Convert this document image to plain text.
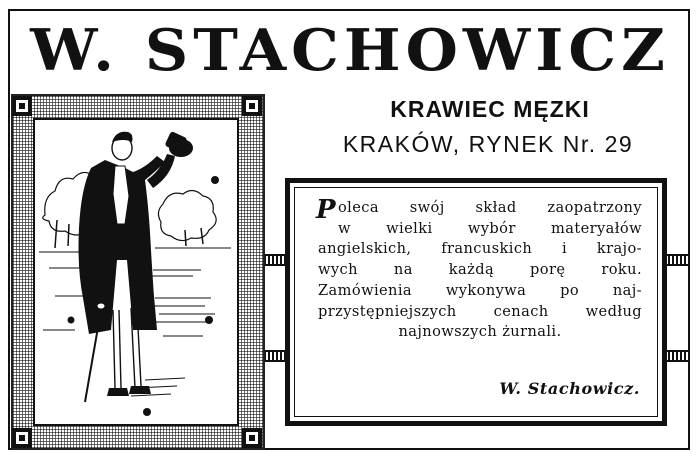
W. STACHOWICZ
KRAWIEC MĘZKI
KRAKÓW, RYNEK Nr. 29
P oleca swój skład zaopatrzony
w wielki wybór materyałów
angielskich, francuskich i krajo-
wych na każdą porę roku.
Zamówienia wykonywa po naj-
przystępniejszych cenach według
najnowszych żurnali.
W. Stachowicz.
